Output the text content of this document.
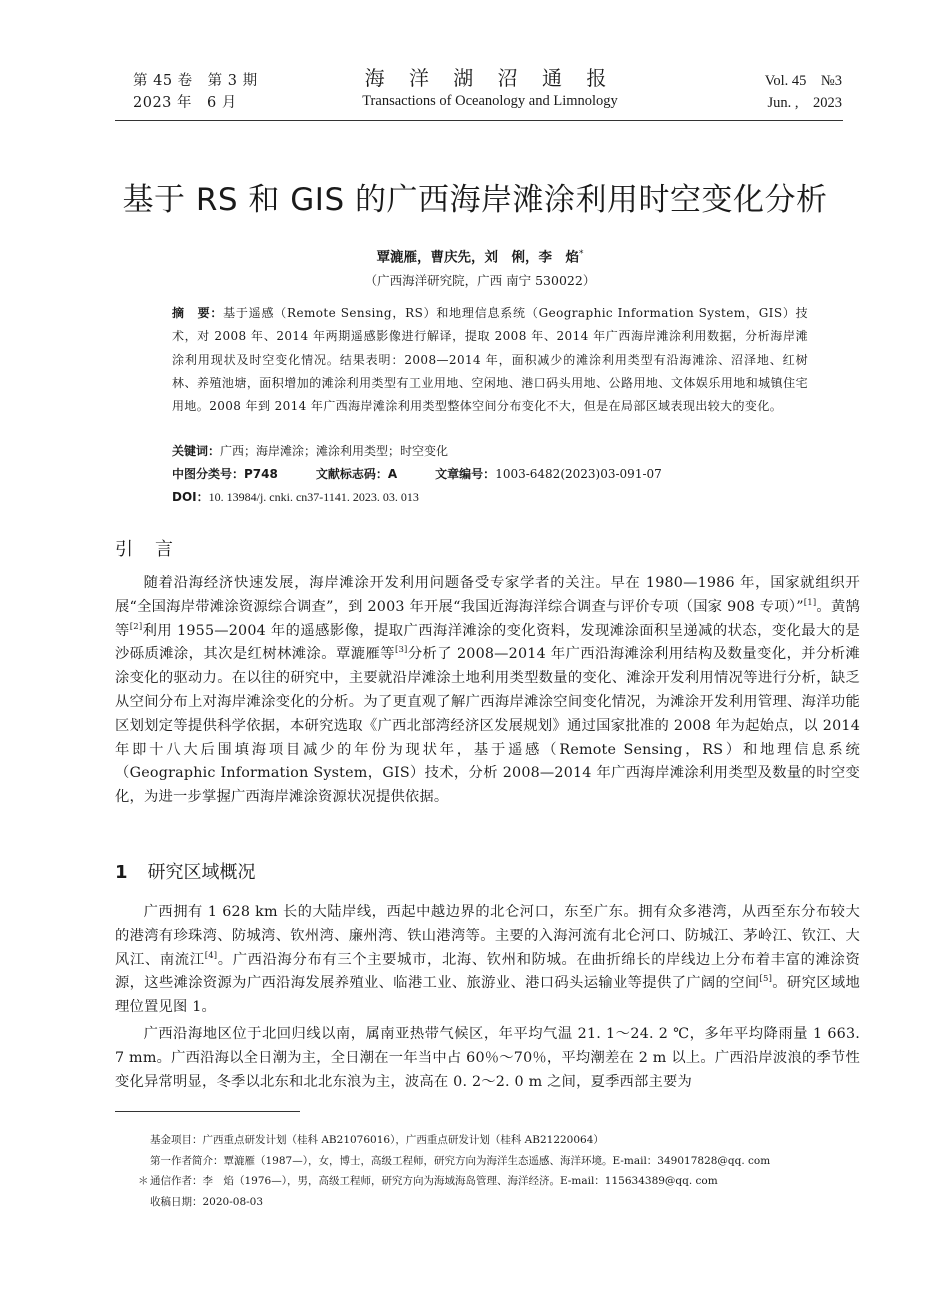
第 45 卷　第 3 期
2023 年　6 月
海 洋 湖 沼 通 报
Transactions of Oceanology and Limnology
Vol. 45　№3
Jun. ,　2023
基于 RS 和 GIS 的广西海岸滩涂利用时空变化分析
覃漉雁，曹庆先，刘　俐，李　焰*
（广西海洋研究院，广西 南宁 530022）
摘　要：基于遥感（Remote Sensing，RS）和地理信息系统（Geographic Information System，GIS）技术，对 2008 年、2014 年两期遥感影像进行解译，提取 2008 年、2014 年广西海岸滩涂利用数据，分析海岸滩涂利用现状及时空变化情况。结果表明：2008—2014 年，面积减少的滩涂利用类型有沿海滩涂、沼泽地、红树林、养殖池塘，面积增加的滩涂利用类型有工业用地、空闲地、港口码头用地、公路用地、文体娱乐用地和城镇住宅用地。2008 年到 2014 年广西海岸滩涂利用类型整体空间分布变化不大，但是在局部区域表现出较大的变化。
关键词：广西；海岸滩涂；滩涂利用类型；时空变化
中图分类号：P748	文献标志码：A	文章编号：1003-6482(2023)03-091-07
DOI：10. 13984/j. cnki. cn37-1141. 2023. 03. 013
引言
随着沿海经济快速发展，海岸滩涂开发利用问题备受专家学者的关注。早在 1980—1986 年，国家就组织开展“全国海岸带滩涂资源综合调查”，到 2003 年开展“我国近海海洋综合调查与评价专项（国家 908 专项）”[1]。黄鹄等[2]利用 1955—2004 年的遥感影像，提取广西海洋滩涂的变化资料，发现滩涂面积呈递减的状态，变化最大的是沙砾质滩涂，其次是红树林滩涂。覃漉雁等[3]分析了 2008—2014 年广西沿海滩涂利用结构及数量变化，并分析滩涂变化的驱动力。在以往的研究中，主要就沿岸滩涂土地利用类型数量的变化、滩涂开发利用情况等进行分析，缺乏从空间分布上对海岸滩涂变化的分析。为了更直观了解广西海岸滩涂空间变化情况，为滩涂开发利用管理、海洋功能区划划定等提供科学依据，本研究选取《广西北部湾经济区发展规划》通过国家批准的 2008 年为起始点，以 2014 年即十八大后围填海项目减少的年份为现状年，基于遥感（Remote Sensing，RS）和地理信息系统（Geographic Information System，GIS）技术，分析 2008—2014 年广西海岸滩涂利用类型及数量的时空变化，为进一步掌握广西海岸滩涂资源状况提供依据。
1 研究区域概况
广西拥有 1 628 km 长的大陆岸线，西起中越边界的北仑河口，东至广东。拥有众多港湾，从西至东分布较大的港湾有珍珠湾、防城湾、钦州湾、廉州湾、铁山港湾等。主要的入海河流有北仑河口、防城江、茅岭江、钦江、大风江、南流江[4]。广西沿海分布有三个主要城市，北海、钦州和防城。在曲折绵长的岸线边上分布着丰富的滩涂资源，这些滩涂资源为广西沿海发展养殖业、临港工业、旅游业、港口码头运输业等提供了广阔的空间[5]。研究区域地理位置见图 1。
广西沿海地区位于北回归线以南，属南亚热带气候区，年平均气温 21. 1～24. 2 ℃，多年平均降雨量 1 663. 7 mm。广西沿海以全日潮为主，全日潮在一年当中占 60％～70％，平均潮差在 2 m 以上。广西沿岸波浪的季节性变化异常明显，冬季以北东和北北东浪为主，波高在 0. 2～2. 0 m 之间，夏季西部主要为
基金项目：广西重点研发计划（桂科 AB21076016），广西重点研发计划（桂科 AB21220064）
第一作者简介：覃漉雁（1987—），女，博士，高级工程师，研究方向为海洋生态遥感、海洋环境。E-mail：349017828@qq. com
＊ 通信作者：李　焰（1976—），男，高级工程师，研究方向为海域海岛管理、海洋经济。E-mail：115634389@qq. com
收稿日期：2020-08-03
